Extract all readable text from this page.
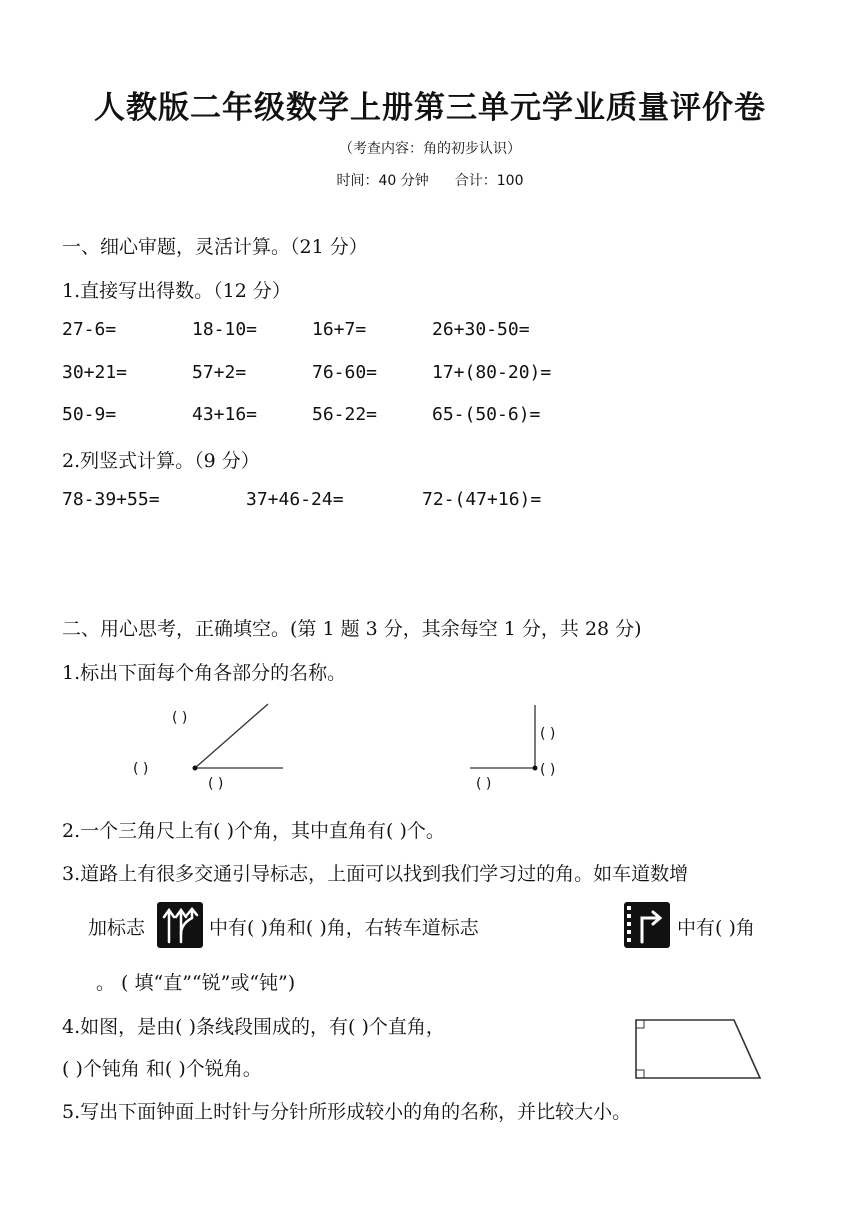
人教版二年级数学上册第三单元学业质量评价卷
（考查内容：角的初步认识）
时间：40 分钟 合计：100
一、细心审题，灵活计算。（21 分）
1.直接写出得数。（12 分）
27-6=	18-10=	16+7=	26+30-50=
30+21=	57+2=	76-60=	17+(80-20)=
50-9=	43+16=	56-22=	65-(50-6)=
2.列竖式计算。（9 分）
78-39+55=	37+46-24=	72-(47+16)=
二、用心思考，正确填空。(第 1 题 3 分，其余每空 1 分，共 28 分)
1.标出下面每个角各部分的名称。
( )
( )
( )
( )
( )
( )
2.一个三角尺上有( )个角，其中直角有( )个。
3.道路上有很多交通引导标志，上面可以找到我们学习过的角。如车道数增
加标志	中有( )角和( )角，右转车道标志	中有( )角
。 ( 填“直”“锐”或“钝”)
4.如图，是由( )条线段围成的，有( )个直角，
( )个钝角 和( )个锐角。
5.写出下面钟面上时针与分针所形成较小的角的名称，并比较大小。
